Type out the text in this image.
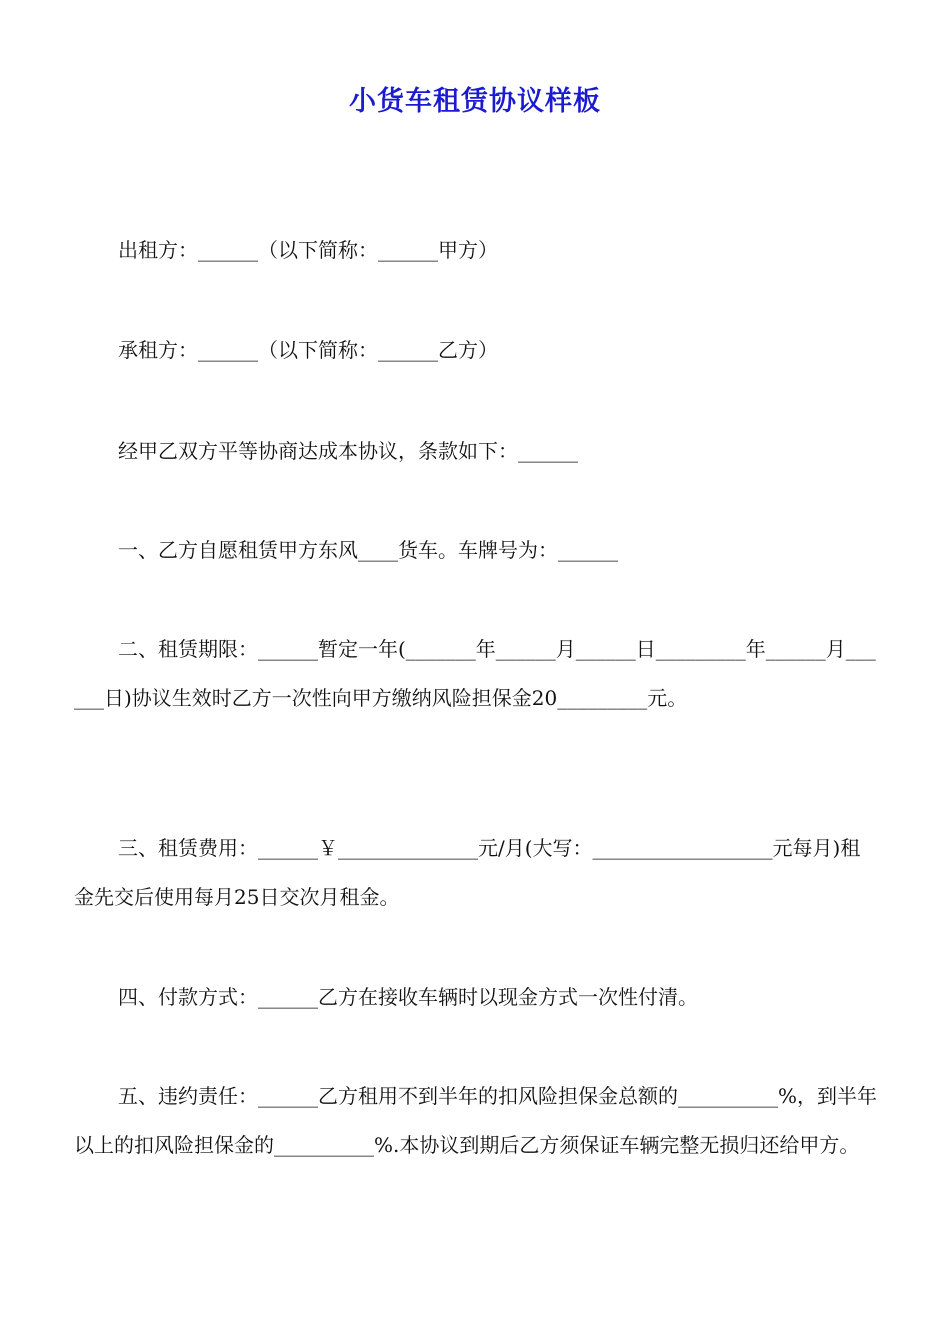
小货车租赁协议样板
出租方：______（以下简称：______甲方）
承租方：______（以下简称：______乙方）
经甲乙双方平等协商达成本协议，条款如下：______
一、乙方自愿租赁甲方东风____货车。车牌号为：______
二、租赁期限：______暂定一年(_______年______月______日_________年______月______日)协议生效时乙方一次性向甲方缴纳风险担保金20_________元。
三、租赁费用：______￥______________元/月(大写：__________________元每月)租金先交后使用每月25日交次月租金。
四、付款方式：______乙方在接收车辆时以现金方式一次性付清。
五、违约责任：______乙方租用不到半年的扣风险担保金总额的__________%，到半年以上的扣风险担保金的__________%.本协议到期后乙方须保证车辆完整无损归还给甲方。
